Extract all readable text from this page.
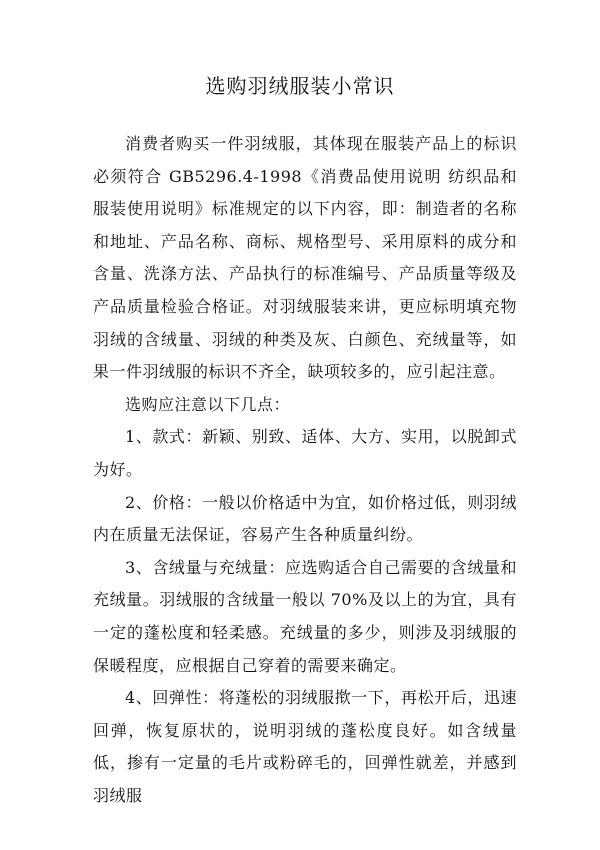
选购羽绒服装小常识

消费者购买一件羽绒服，其体现在服装产品上的标识必须符合 GB5296.4-1998《消费品使用说明 纺织品和服装使用说明》标准规定的以下内容，即：制造者的名称和地址、产品名称、商标、规格型号、采用原料的成分和含量、洗涤方法、产品执行的标准编号、产品质量等级及产品质量检验合格证。对羽绒服装来讲，更应标明填充物羽绒的含绒量、羽绒的种类及灰、白颜色、充绒量等，如果一件羽绒服的标识不齐全，缺项较多的，应引起注意。

选购应注意以下几点：

1、款式：新颖、别致、适体、大方、实用，以脱卸式为好。

2、价格：一般以价格适中为宜，如价格过低，则羽绒内在质量无法保证，容易产生各种质量纠纷。

3、含绒量与充绒量：应选购适合自己需要的含绒量和充绒量。羽绒服的含绒量一般以 70%及以上的为宜，具有一定的蓬松度和轻柔感。充绒量的多少，则涉及羽绒服的保暖程度，应根据自己穿着的需要来确定。

4、回弹性：将蓬松的羽绒服揿一下，再松开后，迅速回弹，恢复原状的，说明羽绒的蓬松度良好。如含绒量低，掺有一定量的毛片或粉碎毛的，回弹性就差，并感到羽绒服
